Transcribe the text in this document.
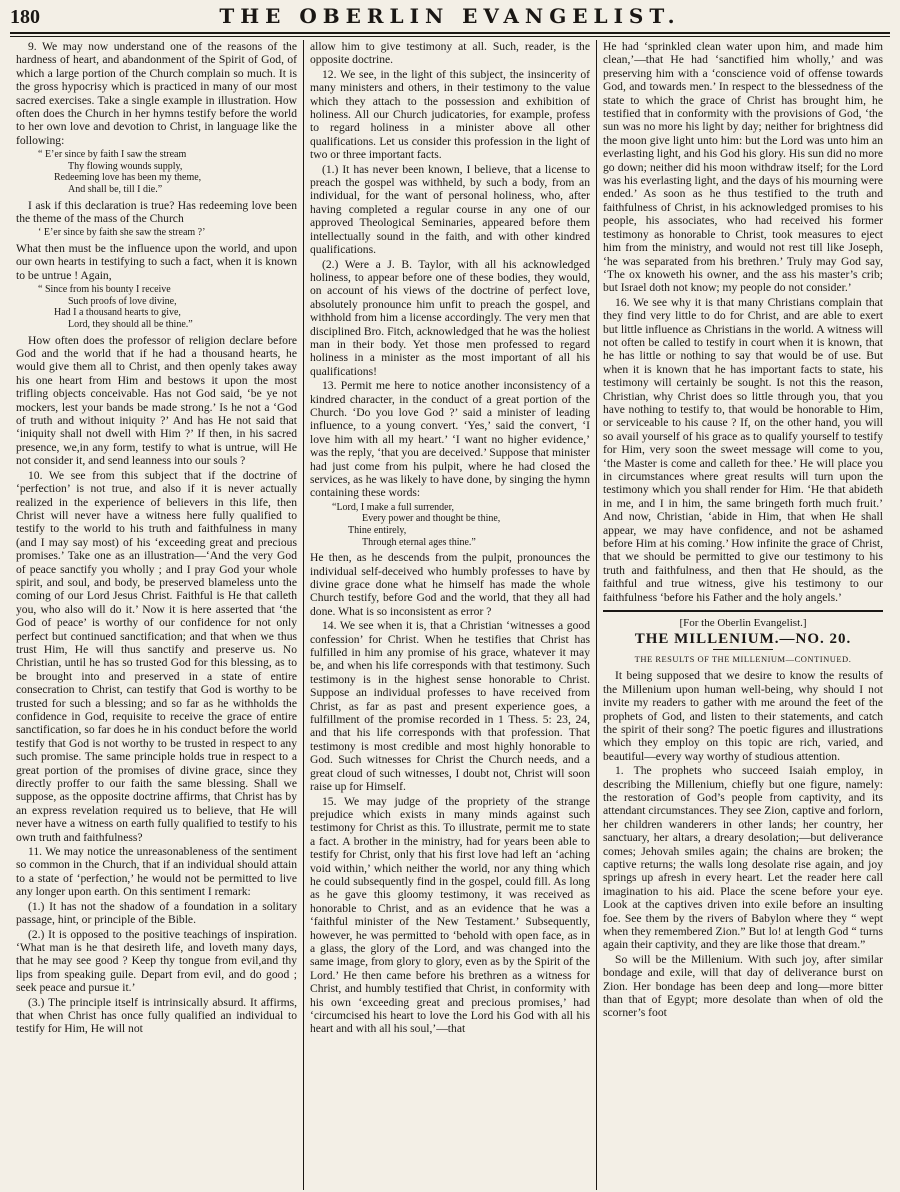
180	THE OBERLIN EVANGELIST.

9. We may now understand one of the reasons of the hardness of heart, and abandonment of the Spirit of God, of which a large portion of the Church complain so much. It is the gross hypocrisy which is practiced in many of our most sacred exercises. Take a single example in illustration. How often does the Church in her hymns testify before the world to her own love and devotion to Christ, in language like the following:

“ E’er since by faith I saw the stream
Thy flowing wounds supply,
Redeeming love has been my theme,
And shall be, till I die.”

I ask if this declaration is true? Has redeeming love been the theme of the mass of the Church

‘ E’er since by faith she saw the stream ?’

What then must be the influence upon the world, and upon our own hearts in testifying to such a fact, when it is known to be untrue ! Again,

“ Since from his bounty I receive
Such proofs of love divine,
Had I a thousand hearts to give,
Lord, they should all be thine.”

How often does the professor of religion declare before God and the world that if he had a thousand hearts, he would give them all to Christ, and then openly takes away his one heart from Him and bestows it upon the most trifling objects conceivable. Has not God said, ‘be ye not mockers, lest your bands be made strong.’ Is he not a ‘God of truth and without iniquity ?’ And has He not said that ‘iniquity shall not dwell with Him ?’ If then, in his sacred presence, we,in any form, testify to what is untrue, will He not consider it, and send leanness into our souls ?

10. We see from this subject that if the doctrine of ‘perfection’ is not true, and also if it is never actually realized in the experience of believers in this life, then Christ will never have a witness here fully qualified to testify to the world to his truth and faithfulness in many (and I may say most) of his ‘exceeding great and precious promises.’ Take one as an illustration—‘And the very God of peace sanctify you wholly ; and I pray God your whole spirit, and soul, and body, be preserved blameless unto the coming of our Lord Jesus Christ. Faithful is He that calleth you, who also will do it.’ Now it is here asserted that ‘the God of peace’ is worthy of our confidence for not only perfect but continued sanctification; and that when we thus trust Him, He will thus sanctify and preserve us. No Christian, until he has so trusted God for this blessing, as to be brought into and preserved in a state of entire consecration to Christ, can testify that God is worthy to be trusted for such a blessing; and so far as he withholds the confidence in God, requisite to receive the grace of entire sanctification, so far does he in his conduct before the world testify that God is not worthy to be trusted in respect to any such promise. The same principle holds true in respect to a great portion of the promises of divine grace, since they directly proffer to our faith the same blessing. Shall we suppose, as the opposite doctrine affirms, that Christ has by an express revelation required us to believe, that He will never have a witness on earth fully qualified to testify to his own truth and faithfulness?

11. We may notice the unreasonableness of the sentiment so common in the Church, that if an individual should attain to a state of ‘perfection,’ he would not be permitted to live any longer upon earth. On this sentiment I remark:

(1.) It has not the shadow of a foundation in a solitary passage, hint, or principle of the Bible.

(2.) It is opposed to the positive teachings of inspiration. ‘What man is he that desireth life, and loveth many days, that he may see good ? Keep thy tongue from evil,and thy lips from speaking guile. Depart from evil, and do good ; seek peace and pursue it.’

(3.) The principle itself is intrinsically absurd. It affirms, that when Christ has once fully qualified an individual to testify for Him, He will not

allow him to give testimony at all. Such, reader, is the opposite doctrine.

12. We see, in the light of this subject, the insincerity of many ministers and others, in their testimony to the value which they attach to the possession and exhibition of holiness. All our Church judicatories, for example, profess to regard holiness in a minister above all other qualifications. Let us consider this profession in the light of two or three important facts.

(1.) It has never been known, I believe, that a license to preach the gospel was withheld, by such a body, from an individual, for the want of personal holiness, who, after having completed a regular course in any one of our approved Theological Seminaries, appeared before them intellectually sound in the faith, and with other kindred qualifications.

(2.) Were a J. B. Taylor, with all his acknowledged holiness, to appear before one of these bodies, they would, on account of his views of the doctrine of perfect love, absolutely pronounce him unfit to preach the gospel, and withhold from him a license accordingly. The very men that disciplined Bro. Fitch, acknowledged that he was the holiest man in their body. Yet those men professed to regard holiness in a minister as the most important of all his qualifications!

13. Permit me here to notice another inconsistency of a kindred character, in the conduct of a great portion of the Church. ‘Do you love God ?’ said a minister of leading influence, to a young convert. ‘Yes,’ said the convert, ‘I love him with all my heart.’ ‘I want no higher evidence,’ was the reply, ‘that you are deceived.’ Suppose that minister had just come from his pulpit, where he had closed the services, as he was likely to have done, by singing the hymn containing these words:

“Lord, I make a full surrender,
Every power and thought be thine,
Thine entirely,
Through eternal ages thine.”

He then, as he descends from the pulpit, pronounces the individual self-deceived who humbly professes to have by divine grace done what he himself has made the whole Church testify, before God and the world, that they all had done. What is so inconsistent as error ?

14. We see when it is, that a Christian ‘witnesses a good confession’ for Christ. When he testifies that Christ has fulfilled in him any promise of his grace, whatever it may be, and when his life corresponds with that testimony. Such testimony is in the highest sense honorable to Christ. Suppose an individual professes to have received from Christ, as far as past and present experience goes, a fulfillment of the promise recorded in 1 Thess. 5: 23, 24, and that his life corresponds with that profession. That testimony is most credible and most highly honorable to God. Such witnesses for Christ the Church needs, and a great cloud of such witnesses, I doubt not, Christ will soon raise up for Himself.

15. We may judge of the propriety of the strange prejudice which exists in many minds against such testimony for Christ as this. To illustrate, permit me to state a fact. A brother in the ministry, had for years been able to testify for Christ, only that his first love had left an ‘aching void within,’ which neither the world, nor any thing which he could subsequently find in the gospel, could fill. As long as he gave this gloomy testimony, it was received as honorable to Christ, and as an evidence that he was a ‘faithful minister of the New Testament.’ Subsequently, however, he was permitted to ‘behold with open face, as in a glass, the glory of the Lord, and was changed into the same image, from glory to glory, even as by the Spirit of the Lord.’ He then came before his brethren as a witness for Christ, and humbly testified that Christ, in conformity with his own ‘exceeding great and precious promises,’ had ‘circumcised his heart to love the Lord his God with all his heart and with all his soul,’—that

He had ‘sprinkled clean water upon him, and made him clean,’—that He had ‘sanctified him wholly,’ and was preserving him with a ‘conscience void of offense towards God, and towards men.’ In respect to the blessedness of the state to which the grace of Christ has brought him, he testified that in conformity with the provisions of God, ‘the sun was no more his light by day; neither for brightness did the moon give light unto him: but the Lord was unto him an everlasting light, and his God his glory. His sun did no more go down; neither did his moon withdraw itself; for the Lord was his everlasting light, and the days of his mourning were ended.’ As soon as he thus testified to the truth and faithfulness of Christ, in his acknowledged promises to his people, his associates, who had received his former testimony as honorable to Christ, took measures to eject him from the ministry, and would not rest till like Joseph, ‘he was separated from his brethren.’ Truly may God say, ‘The ox knoweth his owner, and the ass his master’s crib; but Israel doth not know; my people do not consider.’

16. We see why it is that many Christians complain that they find very little to do for Christ, and are able to exert but little influence as Christians in the world. A witness will not often be called to testify in court when it is known, that he has little or nothing to say that would be of use. But when it is known that he has important facts to state, his testimony will certainly be sought. Is not this the reason, Christian, why Christ does so little through you, that you have nothing to testify to, that would be honorable to Him, or serviceable to his cause ? If, on the other hand, you will so avail yourself of his grace as to qualify yourself to testify for Him, very soon the sweet message will come to you, ‘the Master is come and calleth for thee.’ He will place you in circumstances where great results will turn upon the testimony which you shall render for Him. ‘He that abideth in me, and I in him, the same bringeth forth much fruit.’ And now, Christian, ‘abide in Him, that when He shall appear, we may have confidence, and not be ashamed before Him at his coming.’ How infinite the grace of Christ, that we should be permitted to give our testimony to his truth and faithfulness, and then that He should, as the faithful and true witness, give his testimony to our faithfulness ‘before his Father and the holy angels.’

[For the Oberlin Evangelist.]
THE MILLENIUM.—NO. 20.
THE RESULTS OF THE MILLENIUM—CONTINUED.

It being supposed that we desire to know the results of the Millenium upon human well-being, why should I not invite my readers to gather with me around the feet of the prophets of God, and listen to their statements, and catch the spirit of their song? The poetic figures and illustrations which they employ on this topic are rich, varied, and beautiful—every way worthy of studious attention.

1. The prophets who succeed Isaiah employ, in describing the Millenium, chiefly but one figure, namely: the restoration of God’s people from captivity, and its attendant circumstances. They see Zion, captive and forlorn, her children wanderers in other lands; her country, her sanctuary, her altars, a dreary desolation;—but deliverance comes; Jehovah smiles again; the chains are broken; the captive returns; the walls long desolate rise again, and joy springs up afresh in every heart. Let the reader here call imagination to his aid. Place the scene before your eye. Look at the captives driven into exile before an insulting foe. See them by the rivers of Babylon where they “ wept when they remembered Zion.” But lo! at length God “ turns again their captivity, and they are like those that dream.”

So will be the Millenium. With such joy, after similar bondage and exile, will that day of deliverance burst on Zion. Her bondage has been deep and long—more bitter than that of Egypt; more desolate than when of old the scorner’s foot
